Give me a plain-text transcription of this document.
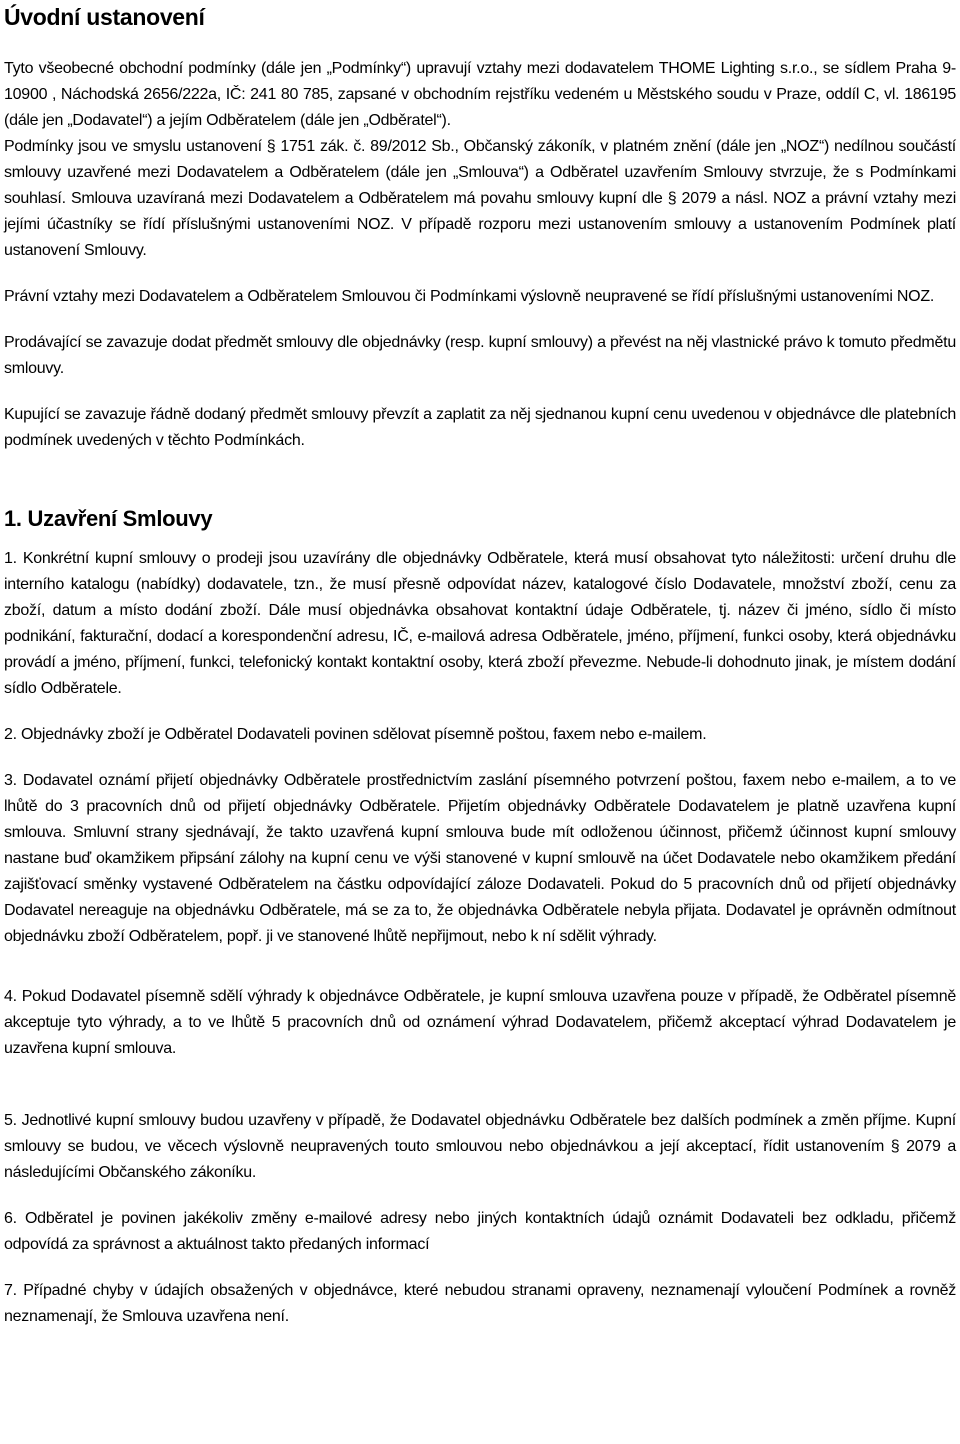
Úvodní ustanovení

Tyto všeobecné obchodní podmínky (dále jen „Podmínky“) upravují vztahy mezi dodavatelem THOME Lighting s.r.o., se sídlem Praha 9- 10900 , Náchodská 2656/222a, IČ: 241 80 785, zapsané v obchodním rejstříku vedeném u Městského soudu v Praze, oddíl C, vl. 186195 (dále jen „Dodavatel“) a jejím Odběratelem (dále jen „Odběratel“).

Podmínky jsou ve smyslu ustanovení § 1751 zák. č. 89/2012 Sb., Občanský zákoník, v platném znění (dále jen „NOZ“) nedílnou součástí smlouvy uzavřené mezi Dodavatelem a Odběratelem (dále jen „Smlouva“) a Odběratel uzavřením Smlouvy stvrzuje, že s Podmínkami souhlasí. Smlouva uzavíraná mezi Dodavatelem a Odběratelem má povahu smlouvy kupní dle § 2079 a násl. NOZ a právní vztahy mezi jejími účastníky se řídí příslušnými ustanoveními NOZ. V případě rozporu mezi ustanovením smlouvy a ustanovením Podmínek platí ustanovení Smlouvy.

Právní vztahy mezi Dodavatelem a Odběratelem Smlouvou či Podmínkami výslovně neupravené se řídí příslušnými ustanoveními NOZ.

Prodávající se zavazuje dodat předmět smlouvy dle objednávky (resp. kupní smlouvy) a převést na něj vlastnické právo k tomuto předmětu smlouvy.

Kupující se zavazuje řádně dodaný předmět smlouvy převzít a zaplatit za něj sjednanou kupní cenu uvedenou v objednávce dle platebních podmínek uvedených v těchto Podmínkách.

1. Uzavření Smlouvy

1. Konkrétní kupní smlouvy o prodeji jsou uzavírány dle objednávky Odběratele, která musí obsahovat tyto náležitosti: určení druhu dle interního katalogu (nabídky) dodavatele, tzn., že musí přesně odpovídat název, katalogové číslo Dodavatele, množství zboží, cenu za zboží, datum a místo dodání zboží. Dále musí objednávka obsahovat kontaktní údaje Odběratele, tj. název či jméno, sídlo či místo podnikání, fakturační, dodací a korespondenční adresu, IČ, e-mailová adresa Odběratele, jméno, příjmení, funkci osoby, která objednávku provádí a jméno, příjmení, funkci, telefonický kontakt kontaktní osoby, která zboží převezme. Nebude-li dohodnuto jinak, je místem dodání sídlo Odběratele.

2. Objednávky zboží je Odběratel Dodavateli povinen sdělovat písemně poštou, faxem nebo e-mailem.

3. Dodavatel oznámí přijetí objednávky Odběratele prostřednictvím zaslání písemného potvrzení poštou, faxem nebo e-mailem, a to ve lhůtě do 3 pracovních dnů od přijetí objednávky Odběratele. Přijetím objednávky Odběratele Dodavatelem je platně uzavřena kupní smlouva. Smluvní strany sjednávají, že takto uzavřená kupní smlouva bude mít odloženou účinnost, přičemž účinnost kupní smlouvy nastane buď okamžikem připsání zálohy na kupní cenu ve výši stanovené v kupní smlouvě na účet Dodavatele nebo okamžikem předání zajišťovací směnky vystavené Odběratelem na částku odpovídající záloze Dodavateli. Pokud do 5 pracovních dnů od přijetí objednávky Dodavatel nereaguje na objednávku Odběratele, má se za to, že objednávka Odběratele nebyla přijata. Dodavatel je oprávněn odmítnout objednávku zboží Odběratelem, popř. ji ve stanovené lhůtě nepřijmout, nebo k ní sdělit výhrady.

4. Pokud Dodavatel písemně sdělí výhrady k objednávce Odběratele, je kupní smlouva uzavřena pouze v případě, že Odběratel písemně akceptuje tyto výhrady, a to ve lhůtě 5 pracovních dnů od oznámení výhrad Dodavatelem, přičemž akceptací výhrad Dodavatelem je uzavřena kupní smlouva.

5. Jednotlivé kupní smlouvy budou uzavřeny v případě, že Dodavatel objednávku Odběratele bez dalších podmínek a změn příjme. Kupní smlouvy se budou, ve věcech výslovně neupravených touto smlouvou nebo objednávkou a její akceptací, řídit ustanovením § 2079 a následujícími Občanského zákoníku.

6. Odběratel je povinen jakékoliv změny e-mailové adresy nebo jiných kontaktních údajů oznámit Dodavateli bez odkladu, přičemž odpovídá za správnost a aktuálnost takto předaných informací

7. Případné chyby v údajích obsažených v objednávce, které nebudou stranami opraveny, neznamenají vyloučení Podmínek a rovněž neznamenají, že Smlouva uzavřena není.
